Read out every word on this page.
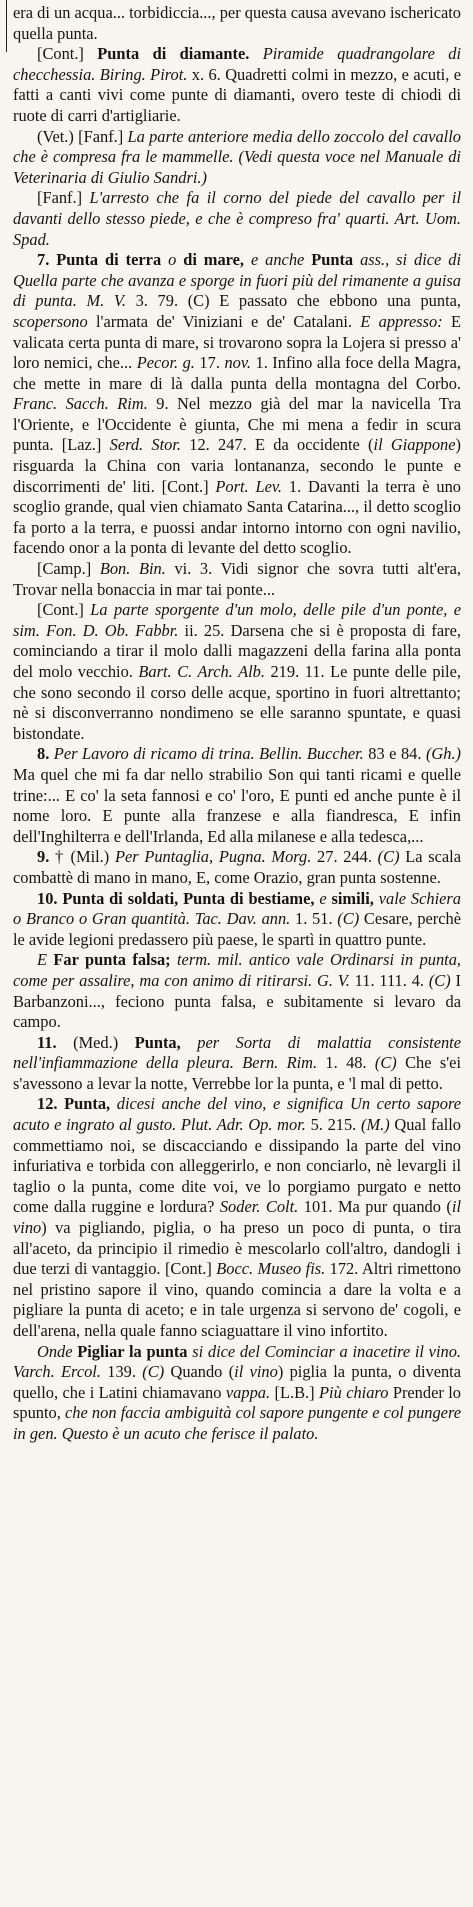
era di un acqua... torbidiccia..., per questa causa avevano ischericato quella punta.

[Cont.] Punta di diamante. Piramide quadrangolare di checchessia. Biring. Pirot. x. 6. Quadretti colmi in mezzo, e acuti, e fatti a canti vivi come punte di diamanti, overo teste di chiodi di ruote di carri d'artigliarie.

(Vet.) [Fanf.] La parte anteriore media dello zoccolo del cavallo che è compresa fra le mammelle. (Vedi questa voce nel Manuale di Veterinaria di Giulio Sandri.)

[Fanf.] L'arresto che fa il corno del piede del cavallo per il davanti dello stesso piede, e che è compreso fra' quarti. Art. Uom. Spad.

7. Punta di terra o di mare, e anche Punta ass., si dice di Quella parte che avanza e sporge in fuori più del rimanente a guisa di punta. M. V. 3. 79. (C) E passato che ebbono una punta, scopersono l'armata de' Viniziani e de' Catalani. E appresso: E valicata certa punta di mare, si trovarono sopra la Lojera si presso a' loro nemici, che... Pecor. g. 17. nov. 1. Infino alla foce della Magra, che mette in mare di là dalla punta della montagna del Corbo. Franc. Sacch. Rim. 9. Nel mezzo già del mar la navicella Tra l'Oriente, e l'Occidente è giunta, Che mi mena a fedir in scura punta. [Laz.] Serd. Stor. 12. 247. E da occidente (il Giappone) risguarda la China con varia lontananza, secondo le punte e discorrimenti de' liti. [Cont.] Port. Lev. 1. Davanti la terra è uno scoglio grande, qual vien chiamato Santa Catarina..., il detto scoglio fa porto a la terra, e puossi andar intorno intorno con ogni navilio, facendo onor a la ponta di levante del detto scoglio.

[Camp.] Bon. Bin. vi. 3. Vidi signor che sovra tutti alt'era, Trovar nella bonaccia in mar tai ponte...

[Cont.] La parte sporgente d'un molo, delle pile d'un ponte, e sim. Fon. D. Ob. Fabbr. ii. 25. Darsena che si è proposta di fare, cominciando a tirar il molo dalli magazzeni della farina alla ponta del molo vecchio. Bart. C. Arch. Alb. 219. 11. Le punte delle pile, che sono secondo il corso delle acque, sportino in fuori altrettanto; nè si disconverranno nondimeno se elle saranno spuntate, e quasi bistondate.

8. Per Lavoro di ricamo di trina. Bellin. Buccher. 83 e 84. (Gh.) Ma quel che mi fa dar nello strabilio Son qui tanti ricami e quelle trine:... E co' la seta fannosi e co' l'oro, E punti ed anche punte è il nome loro. E punte alla franzese e alla fiandresca, E infin dell'Inghilterra e dell'Irlanda, Ed alla milanese e alla tedesca,...

9. † (Mil.) Per Puntaglia, Pugna. Morg. 27. 244. (C) La scala combattè di mano in mano, E, come Orazio, gran punta sostenne.

10. Punta di soldati, Punta di bestiame, e simili, vale Schiera o Branco o Gran quantità. Tac. Dav. ann. 1. 51. (C) Cesare, perchè le avide legioni predassero più paese, le spartì in quattro punte.

E Far punta falsa; term. mil. antico vale Ordinarsi in punta, come per assalire, ma con animo di ritirarsi. G. V. 11. 111. 4. (C) I Barbanzoni..., feciono punta falsa, e subitamente si levaro da campo.

11. (Med.) Punta, per Sorta di malattia consistente nell'infiammazione della pleura. Bern. Rim. 1. 48. (C) Che s'ei s'avessono a levar la notte, Verrebbe lor la punta, e 'l mal di petto.

12. Punta, dicesi anche del vino, e significa Un certo sapore acuto e ingrato al gusto. Plut. Adr. Op. mor. 5. 215. (M.) Qual fallo commettiamo noi, se discacciando e dissipando la parte del vino infuriativa e torbida con alleggerirlo, e non conciarlo, nè levargli il taglio o la punta, come dite voi, ve lo porgiamo purgato e netto come dalla ruggine e lordura? Soder. Colt. 101. Ma pur quando (il vino) va pigliando, piglia, o ha preso un poco di punta, o tira all'aceto, da principio il rimedio è mescolarlo coll'altro, dandogli i due terzi di vantaggio. [Cont.] Bocc. Museo fis. 172. Altri rimettono nel pristino sapore il vino, quando comincia a dare la volta e a pigliare la punta di aceto; e in tale urgenza si servono de' cogoli, e dell'arena, nella quale fanno sciaguattare il vino infortito.

Onde Pigliar la punta si dice del Cominciar a inacetire il vino. Varch. Ercol. 139. (C) Quando (il vino) piglia la punta, o diventa quello, che i Latini chiamavano vappa. [L.B.] Più chiaro Prender lo spunto, che non faccia ambiguità col sapore pungente e col pungere in gen. Questo è un acuto che ferisce il palato.
